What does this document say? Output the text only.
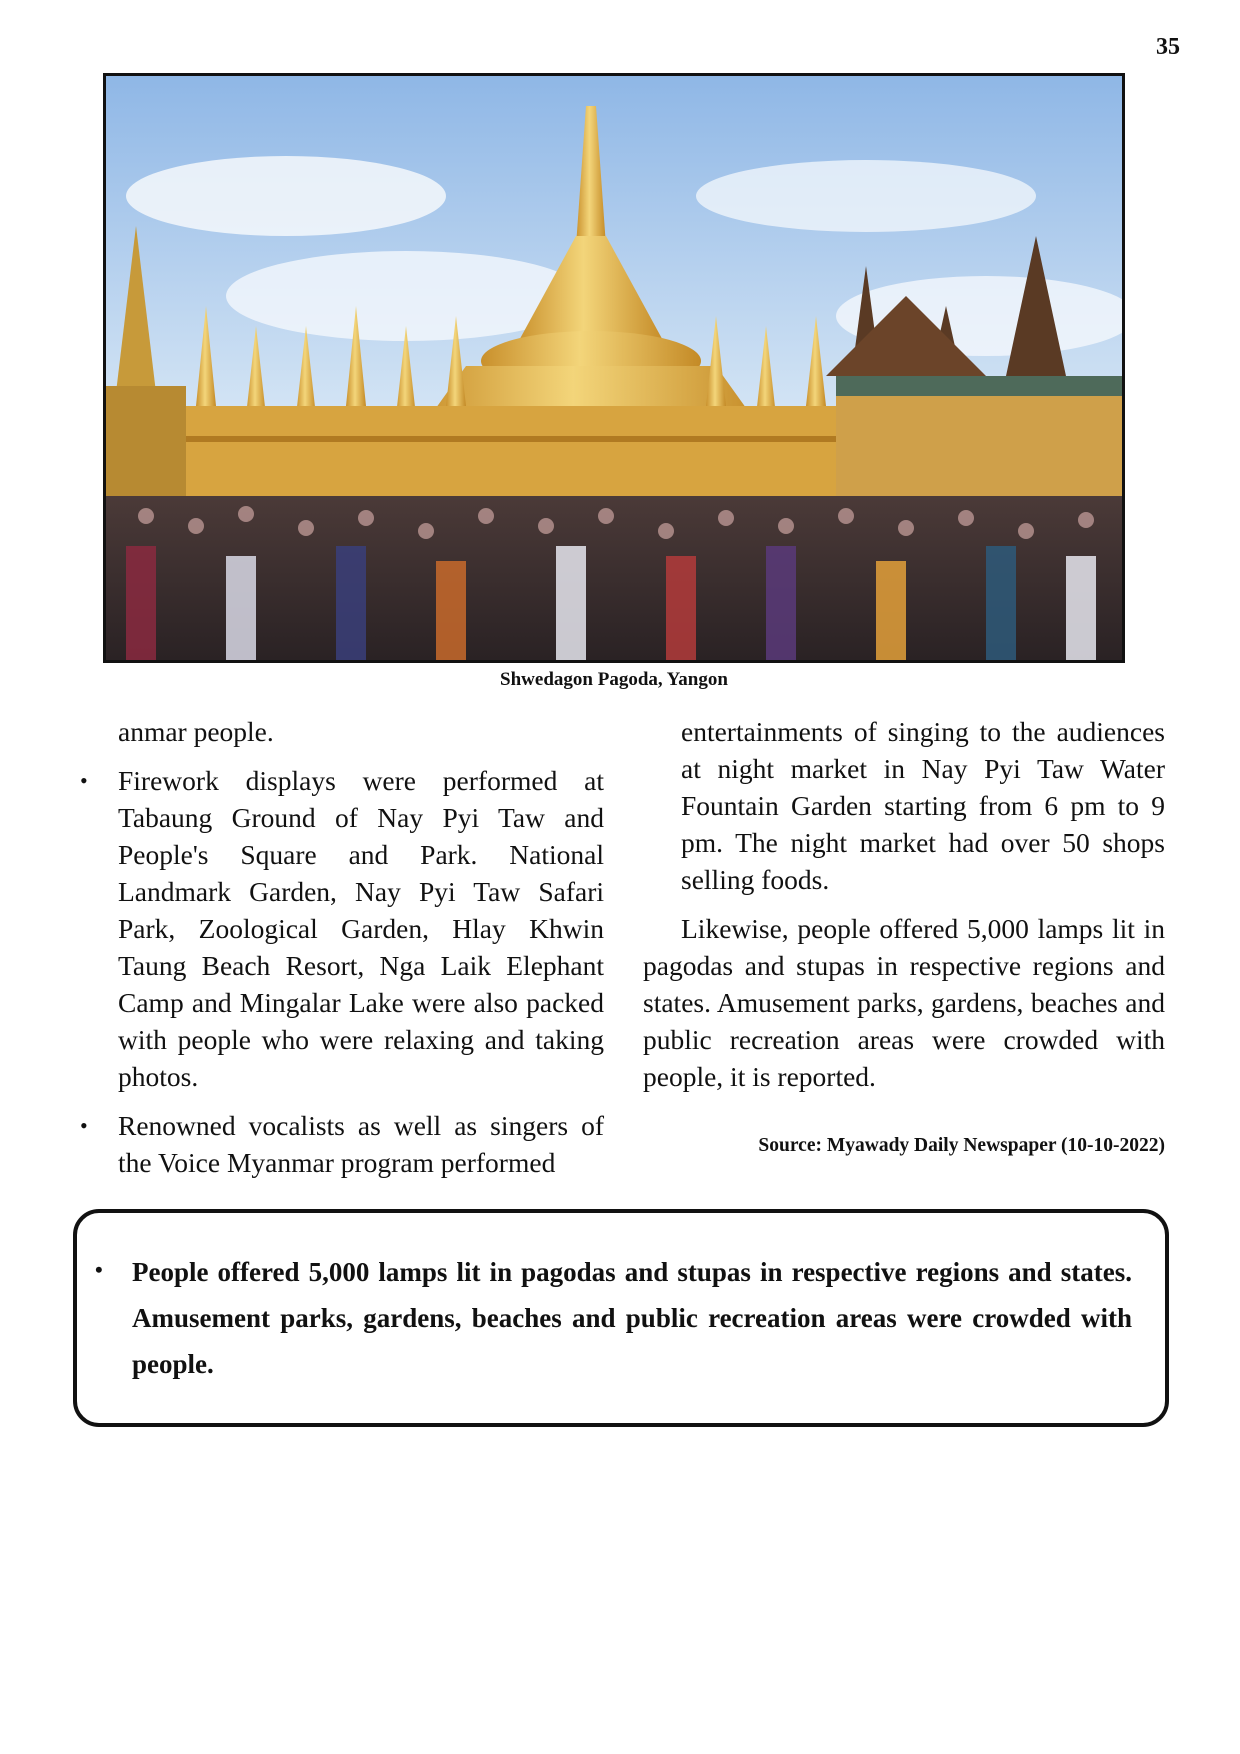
35
Shwedagon Pagoda, Yangon

anmar people.

• Firework displays were performed at Tabaung Ground of Nay Pyi Taw and People's Square and Park. National Landmark Garden, Nay Pyi Taw Safari Park, Zoological Garden, Hlay Khwin Taung Beach Resort, Nga Laik Elephant Camp and Mingalar Lake were also packed with people who were relaxing and taking photos.

• Renowned vocalists as well as singers of the Voice Myanmar program performed

entertainments of singing to the audiences at night market in Nay Pyi Taw Water Fountain Garden starting from 6 pm to 9 pm. The night market had over 50 shops selling foods.

Likewise, people offered 5,000 lamps lit in pagodas and stupas in respective regions and states. Amusement parks, gardens, beaches and public recreation areas were crowded with people, it is reported.

Source: Myawady Daily Newspaper (10-10-2022)
• People offered 5,000 lamps lit in pagodas and stupas in respective regions and states. Amusement parks, gardens, beaches and public recreation areas were crowded with people.
